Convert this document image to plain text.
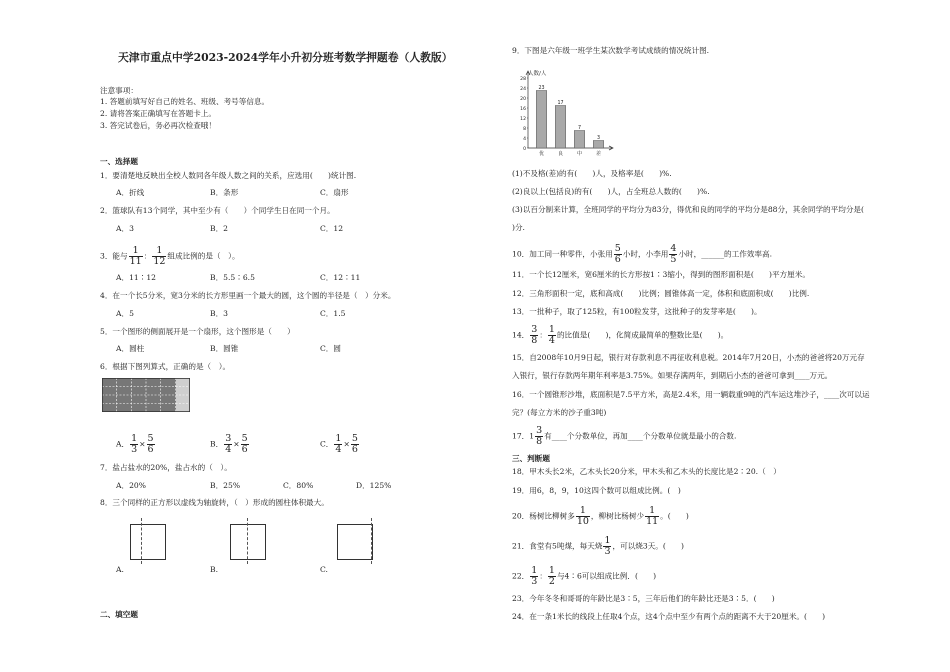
天津市重点中学2023-2024学年小升初分班考数学押题卷（人教版）
注意事项：
1. 答题前填写好自己的姓名、班级、考号等信息。
2. 请将答案正确填写在答题卡上。
3. 答完试卷后，务必再次检查哦！
一、选择题
1．要清楚地反映出全校人数同各年级人数之间的关系，应选用(　　)统计图.
A．折线	B．条形	C．扇形
2．篮球队有13个同学，其中至少有（　　）个同学生日在同一个月。
A．3	B．2	C．12
3．能与 $\frac{1}{11}$ ： $\frac{1}{12}$ 组成比例的是（　）。
A．11∶12	B．5.5∶6.5	C．12∶11
4．在一个长5分米，宽3分米的长方形里画一个最大的圆，这个圆的半径是（　）分米。
A．5	B．3	C．1.5
5．一个图形的侧面展开是一个扇形，这个图形是（　　）
A．圆柱	B．圆锥	C．圆
6．根据下图列算式，正确的是（　）。
A． $\frac{1}{3} \times \frac{5}{6}$	B． $\frac{3}{4} \times \frac{5}{6}$	C． $\frac{1}{4} \times \frac{5}{6}$
7．盐占盐水的20%，盐占水的（　）。
A．20%	B．25%	C．80%	D．125%
8．三个同样的正方形以虚线为轴旋转，（　）形成的圆柱体积最大。
A.	B.	C.
二、填空题
9．下图是六年级一班学生某次数学考试成绩的情况统计图.
人数/人
0
4
8
12
16
20
24
28
优	良	中	差
23
17
7
3
(1)不及格(差)的有(　　)人，及格率是(　　)%.
(2)良以上(包括良)的有(　　)人，占全班总人数的(　　)%.
(3)以百分制来计算，全班同学的平均分为83分，得优和良的同学的平均分是88分，其余同学的平均分是(
)分.
10．加工同一种零件，小张用 $\frac{5}{6}$ 小时，小李用 $\frac{4}{5}$ 小时，______的工作效率高.
11．一个长12厘米，宽6厘米的长方形按1∶3缩小，得到的图形面积是(　　)平方厘米。
12．三角形面积一定，底和高成(　　)比例；圆锥体高一定，体积和底面积成(　　)比例.
13．一批种子，取了125粒，有100粒发芽，这批种子的发芽率是(　　)。
14． $\frac{3}{8}$ ： $\frac{1}{4}$ 的比值是(　　)，化简成最简单的整数比是(　　)。
15．自2008年10月9日起，银行对存款利息不再征收利息税。2014年7月20日，小杰的爸爸将20万元存
入银行，银行存款两年期年利率是3.75%。如果存满两年，到期后小杰的爸爸可拿到____万元。
16．一个圆锥形沙堆，底面积是7.5平方米，高是2.4米，用一辆载重9吨的汽车运这堆沙子，____次可以运
完？(每立方米的沙子重3吨)
17．$1 \frac{3}{8}$ 有____个分数单位，再加____个分数单位就是最小的合数.
三、判断题
18．甲木头长2米，乙木头长20分米，甲木头和乙木头的长度比是2∶20.（　）
19．用6，8，9，10这四个数可以组成比例。(　)
20．杨树比柳树多 $\frac{1}{10}$ ，柳树比杨树少 $\frac{1}{11}$ 。(　　)
21．食堂有5吨煤，每天烧 $\frac{1}{3}$ ，可以烧3天。(　　)
22． $\frac{1}{3}$ ： $\frac{1}{2}$ 与4∶6可以组成比例．(　　)
23．今年冬冬和哥哥的年龄比是3∶5，三年后他们的年龄比还是3∶5．(　　)
24．在一条1米长的线段上任取4个点，这4个点中至少有两个点的距离不大于20厘米。(　　)
